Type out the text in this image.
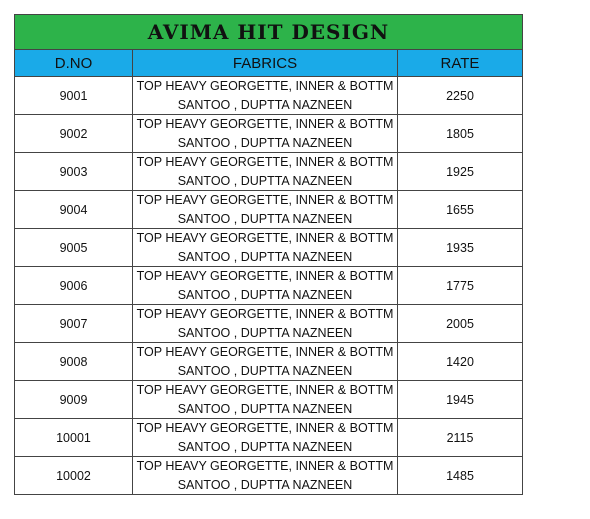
AVIMA HIT DESIGN		
D.NO	FABRICS	RATE
9001	TOP HEAVY GEORGETTE, INNER & BOTTM
SANTOO , DUPTTA NAZNEEN	2250
9002	TOP HEAVY GEORGETTE, INNER & BOTTM
SANTOO , DUPTTA NAZNEEN	1805
9003	TOP HEAVY GEORGETTE, INNER & BOTTM
SANTOO , DUPTTA NAZNEEN	1925
9004	TOP HEAVY GEORGETTE, INNER & BOTTM
SANTOO , DUPTTA NAZNEEN	1655
9005	TOP HEAVY GEORGETTE, INNER & BOTTM
SANTOO , DUPTTA NAZNEEN	1935
9006	TOP HEAVY GEORGETTE, INNER & BOTTM
SANTOO , DUPTTA NAZNEEN	1775
9007	TOP HEAVY GEORGETTE, INNER & BOTTM
SANTOO , DUPTTA NAZNEEN	2005
9008	TOP HEAVY GEORGETTE, INNER & BOTTM
SANTOO , DUPTTA NAZNEEN	1420
9009	TOP HEAVY GEORGETTE, INNER & BOTTM
SANTOO , DUPTTA NAZNEEN	1945
10001	TOP HEAVY GEORGETTE, INNER & BOTTM
SANTOO , DUPTTA NAZNEEN	2115
10002	TOP HEAVY GEORGETTE, INNER & BOTTM
SANTOO , DUPTTA NAZNEEN	1485
